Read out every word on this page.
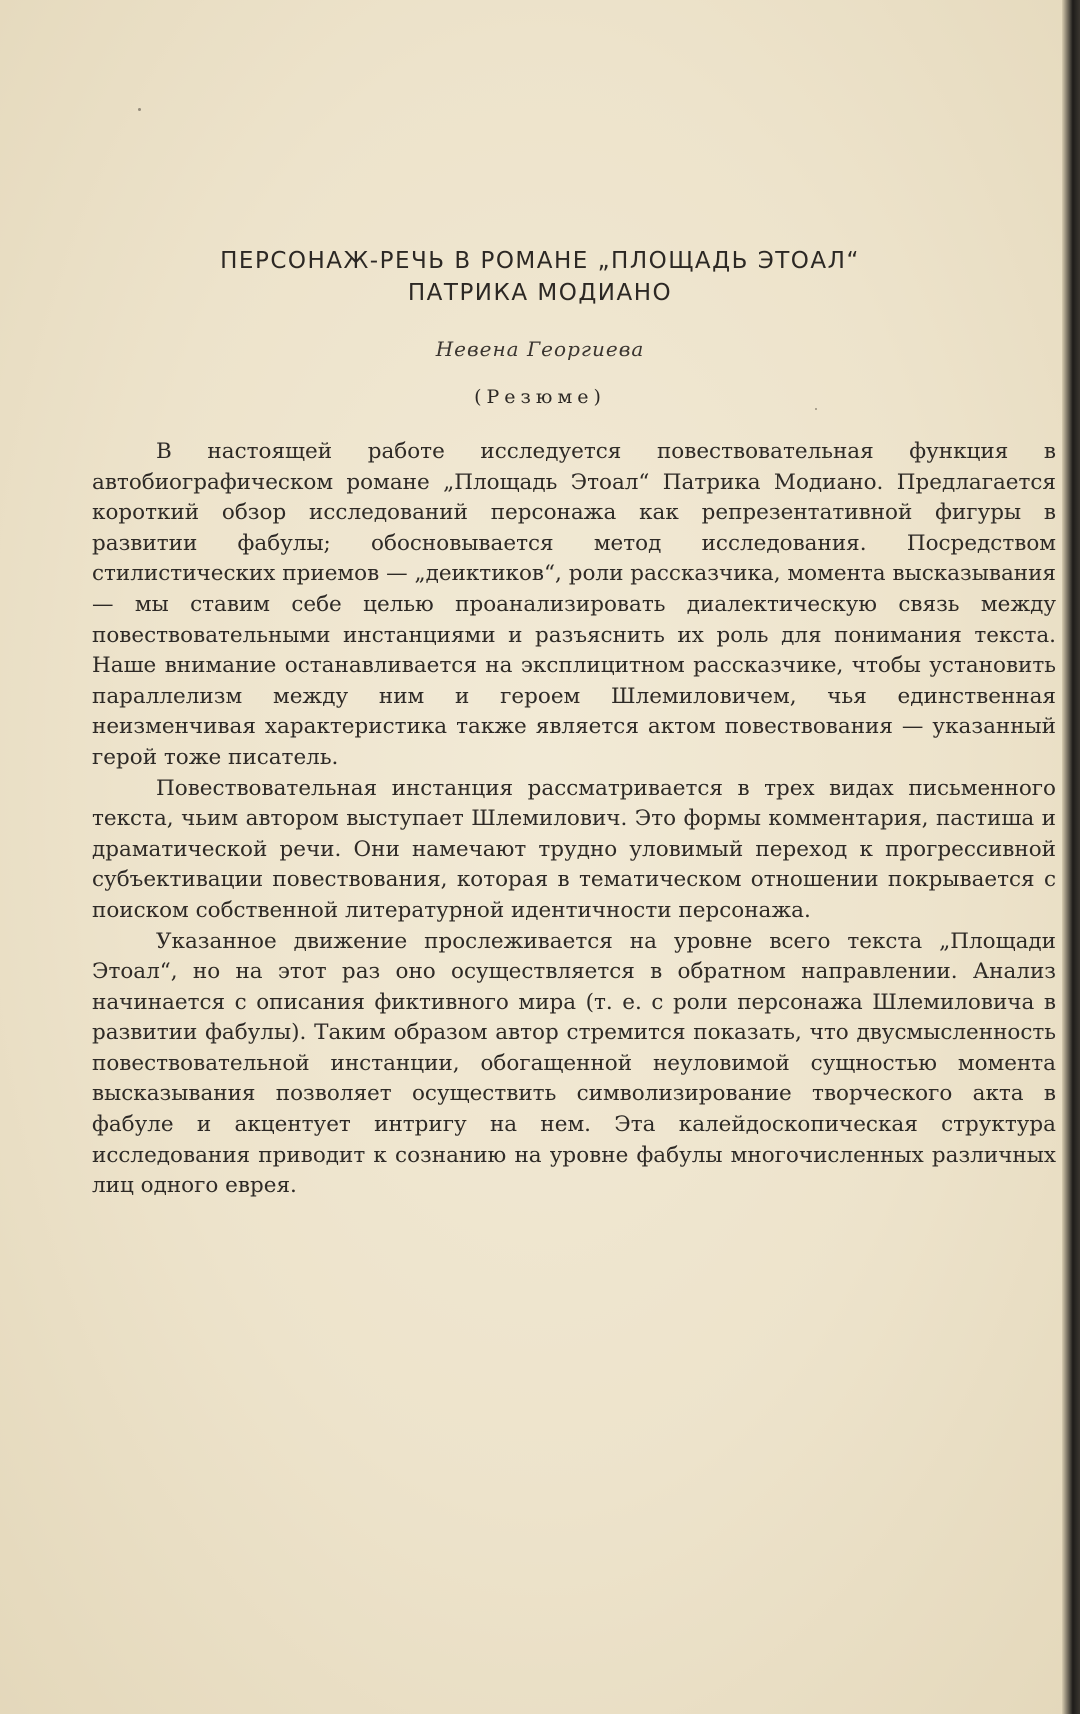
ПЕРСОНАЖ-РЕЧЬ В РОМАНЕ „ПЛОЩАДЬ ЭТОАЛ“
ПАТРИКА МОДИАНО
Невена Георгиева
(Резюме)

В настоящей работе исследуется повествовательная функция в автобиографическом романе „Площадь Этоал“ Патрика Модиано. Предлагается короткий обзор исследований персонажа как репрезентативной фигуры в развитии фабулы; обосновывается метод исследования. Посредством стилистических приемов — „деиктиков“, роли рассказчика, момента высказывания — мы ставим себе целью проанализировать диалектическую связь между повествовательными инстанциями и разъяснить их роль для понимания текста. Наше внимание останавливается на эксплицитном рассказчике, чтобы установить параллелизм между ним и героем Шлемиловичем, чья единственная неизменчивая характеристика также является актом повествования — указанный герой тоже писатель.

Повествовательная инстанция рассматривается в трех видах письменного текста, чьим автором выступает Шлемилович. Это формы комментария, пастиша и драматической речи. Они намечают трудно уловимый переход к прогрессивной субъективации повествования, которая в тематическом отношении покрывается с поиском собственной литературной идентичности персонажа.

Указанное движение прослеживается на уровне всего текста „Площади Этоал“, но на этот раз оно осуществляется в обратном направлении. Анализ начинается с описания фиктивного мира (т. е. с роли персонажа Шлемиловича в развитии фабулы). Таким образом автор стремится показать, что двусмысленность повествовательной инстанции, обогащенной неуловимой сущностью момента высказывания позволяет осуществить символизирование творческого акта в фабуле и акцентует интригу на нем. Эта калейдоскопическая структура исследования приводит к сознанию на уровне фабулы многочисленных различных лиц одного еврея.
